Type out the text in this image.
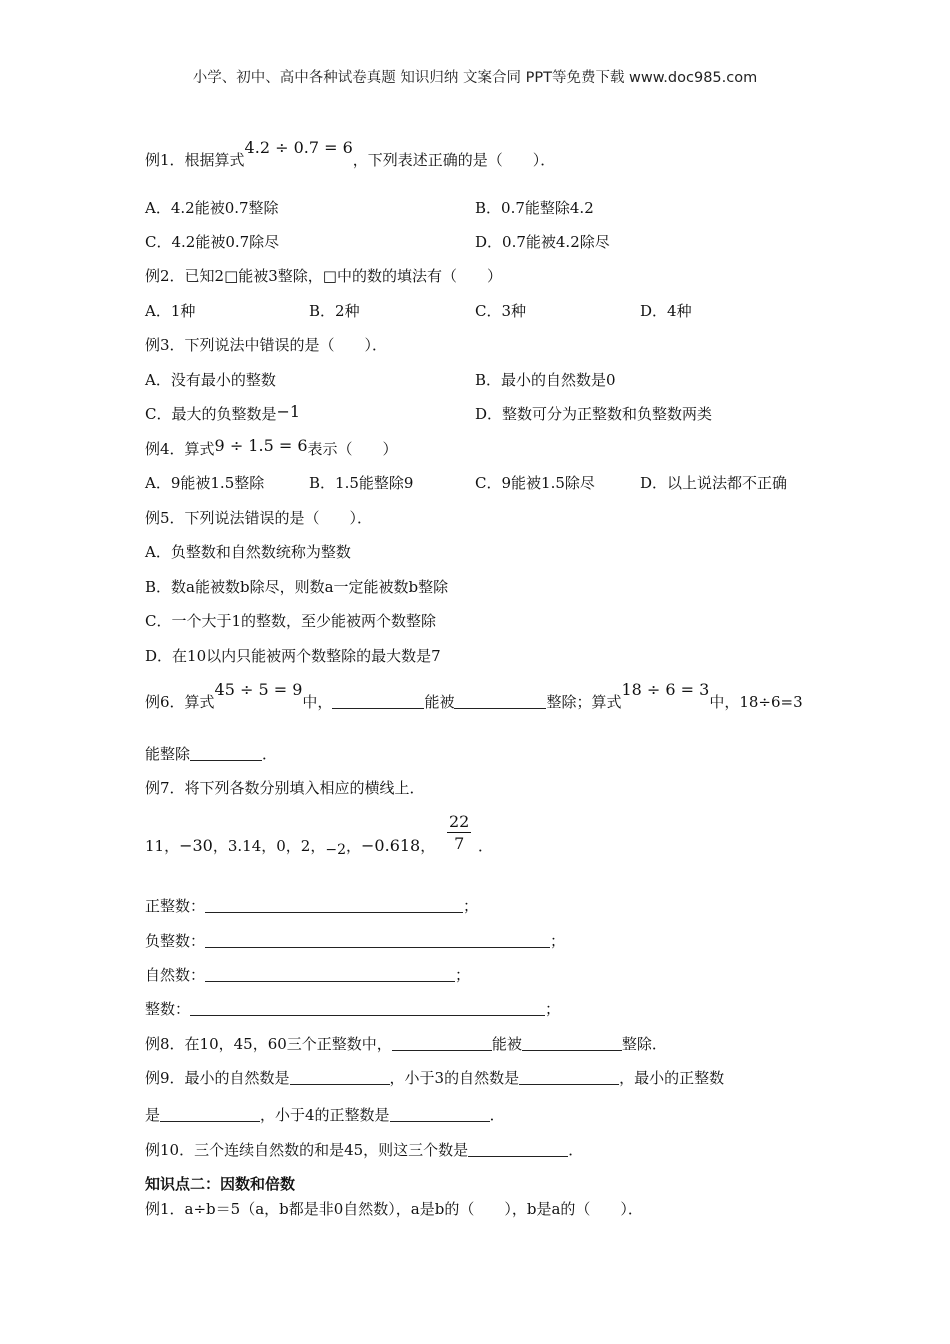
小学、初中、高中各种试卷真题 知识归纳 文案合同 PPT等免费下载 www.doc985.com
例1．根据算式4.2 ÷ 0.7 = 6，下列表述正确的是（　　）．
A．4.2能被0.7整除	B．0.7能整除4.2
C．4.2能被0.7除尽	D．0.7能被4.2除尽
例2．已知2□能被3整除，□中的数的填法有（　　）
A．1种	B．2种	C．3种	D．4种
例3．下列说法中错误的是（　　）．
A．没有最小的整数	B．最小的自然数是0
C．最大的负整数是−1	D．整数可分为正整数和负整数两类
例4．算式9 ÷ 1.5 = 6表示（　　）
A．9能被1.5整除	B．1.5能整除9	C．9能被1.5除尽	D．以上说法都不正确
例5．下列说法错误的是（　　）．
A．负整数和自然数统称为整数
B．数a能被数b除尽，则数a一定能被数b整除
C．一个大于1的整数，至少能被两个数整除
D．在10以内只能被两个数整除的最大数是7
例6．算式45 ÷ 5 = 9中，	能被	整除；算式18 ÷ 6 = 3中，18÷6=3
能整除	．
例7．将下列各数分别填入相应的横线上．
11，−30，3.14，0，2，−2，−0.618， $\frac{22}{7}$ ．
正整数：	；
负整数：	；
自然数：	；
整数：	；
例8．在10，45，60三个正整数中，	能被	整除．
例9．最小的自然数是	，小于3的自然数是	，最小的正整数
是	，小于4的正整数是	．
例10．三个连续自然数的和是45，则这三个数是	．
知识点二：因数和倍数
例1．a÷b＝5（a，b都是非0自然数），a是b的（　　），b是a的（　　）．
